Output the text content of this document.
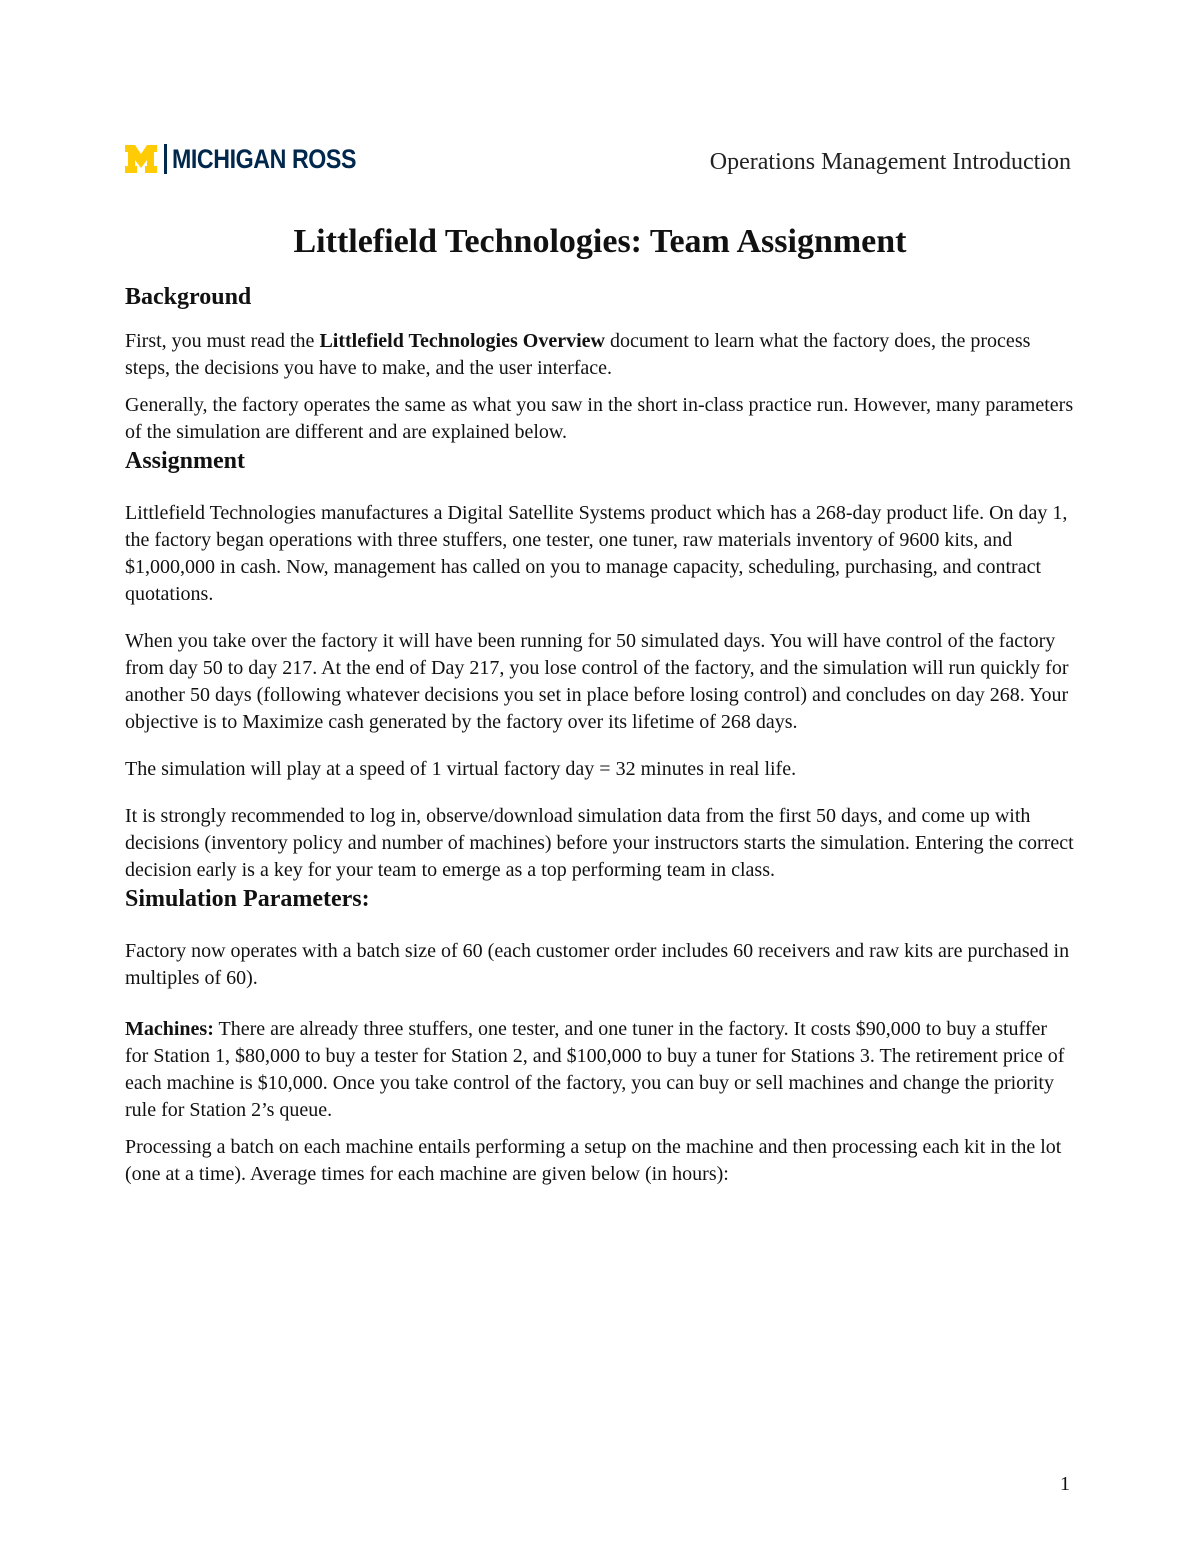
MICHIGAN ROSS	Operations Management Introduction
Littlefield Technologies: Team Assignment
Background

First, you must read the Littlefield Technologies Overview document to learn what the factory does, the process steps, the decisions you have to make, and the user interface.

Generally, the factory operates the same as what you saw in the short in-class practice run. However, many parameters of the simulation are different and are explained below.

Assignment

Littlefield Technologies manufactures a Digital Satellite Systems product which has a 268-day product life. On day 1, the factory began operations with three stuffers, one tester, one tuner, raw materials inventory of 9600 kits, and $1,000,000 in cash. Now, management has called on you to manage capacity, scheduling, purchasing, and contract quotations.

When you take over the factory it will have been running for 50 simulated days. You will have control of the factory from day 50 to day 217. At the end of Day 217, you lose control of the factory, and the simulation will run quickly for another 50 days (following whatever decisions you set in place before losing control) and concludes on day 268. Your objective is to Maximize cash generated by the factory over its lifetime of 268 days.

The simulation will play at a speed of 1 virtual factory day = 32 minutes in real life.

It is strongly recommended to log in, observe/download simulation data from the first 50 days, and come up with decisions (inventory policy and number of machines) before your instructors starts the simulation. Entering the correct decision early is a key for your team to emerge as a top performing team in class.

Simulation Parameters:

Factory now operates with a batch size of 60 (each customer order includes 60 receivers and raw kits are purchased in multiples of 60).

Machines: There are already three stuffers, one tester, and one tuner in the factory. It costs $90,000 to buy a stuffer for Station 1, $80,000 to buy a tester for Station 2, and $100,000 to buy a tuner for Stations 3. The retirement price of each machine is $10,000. Once you take control of the factory, you can buy or sell machines and change the priority rule for Station 2’s queue.

Processing a batch on each machine entails performing a setup on the machine and then processing each kit in the lot (one at a time). Average times for each machine are given below (in hours):

1
